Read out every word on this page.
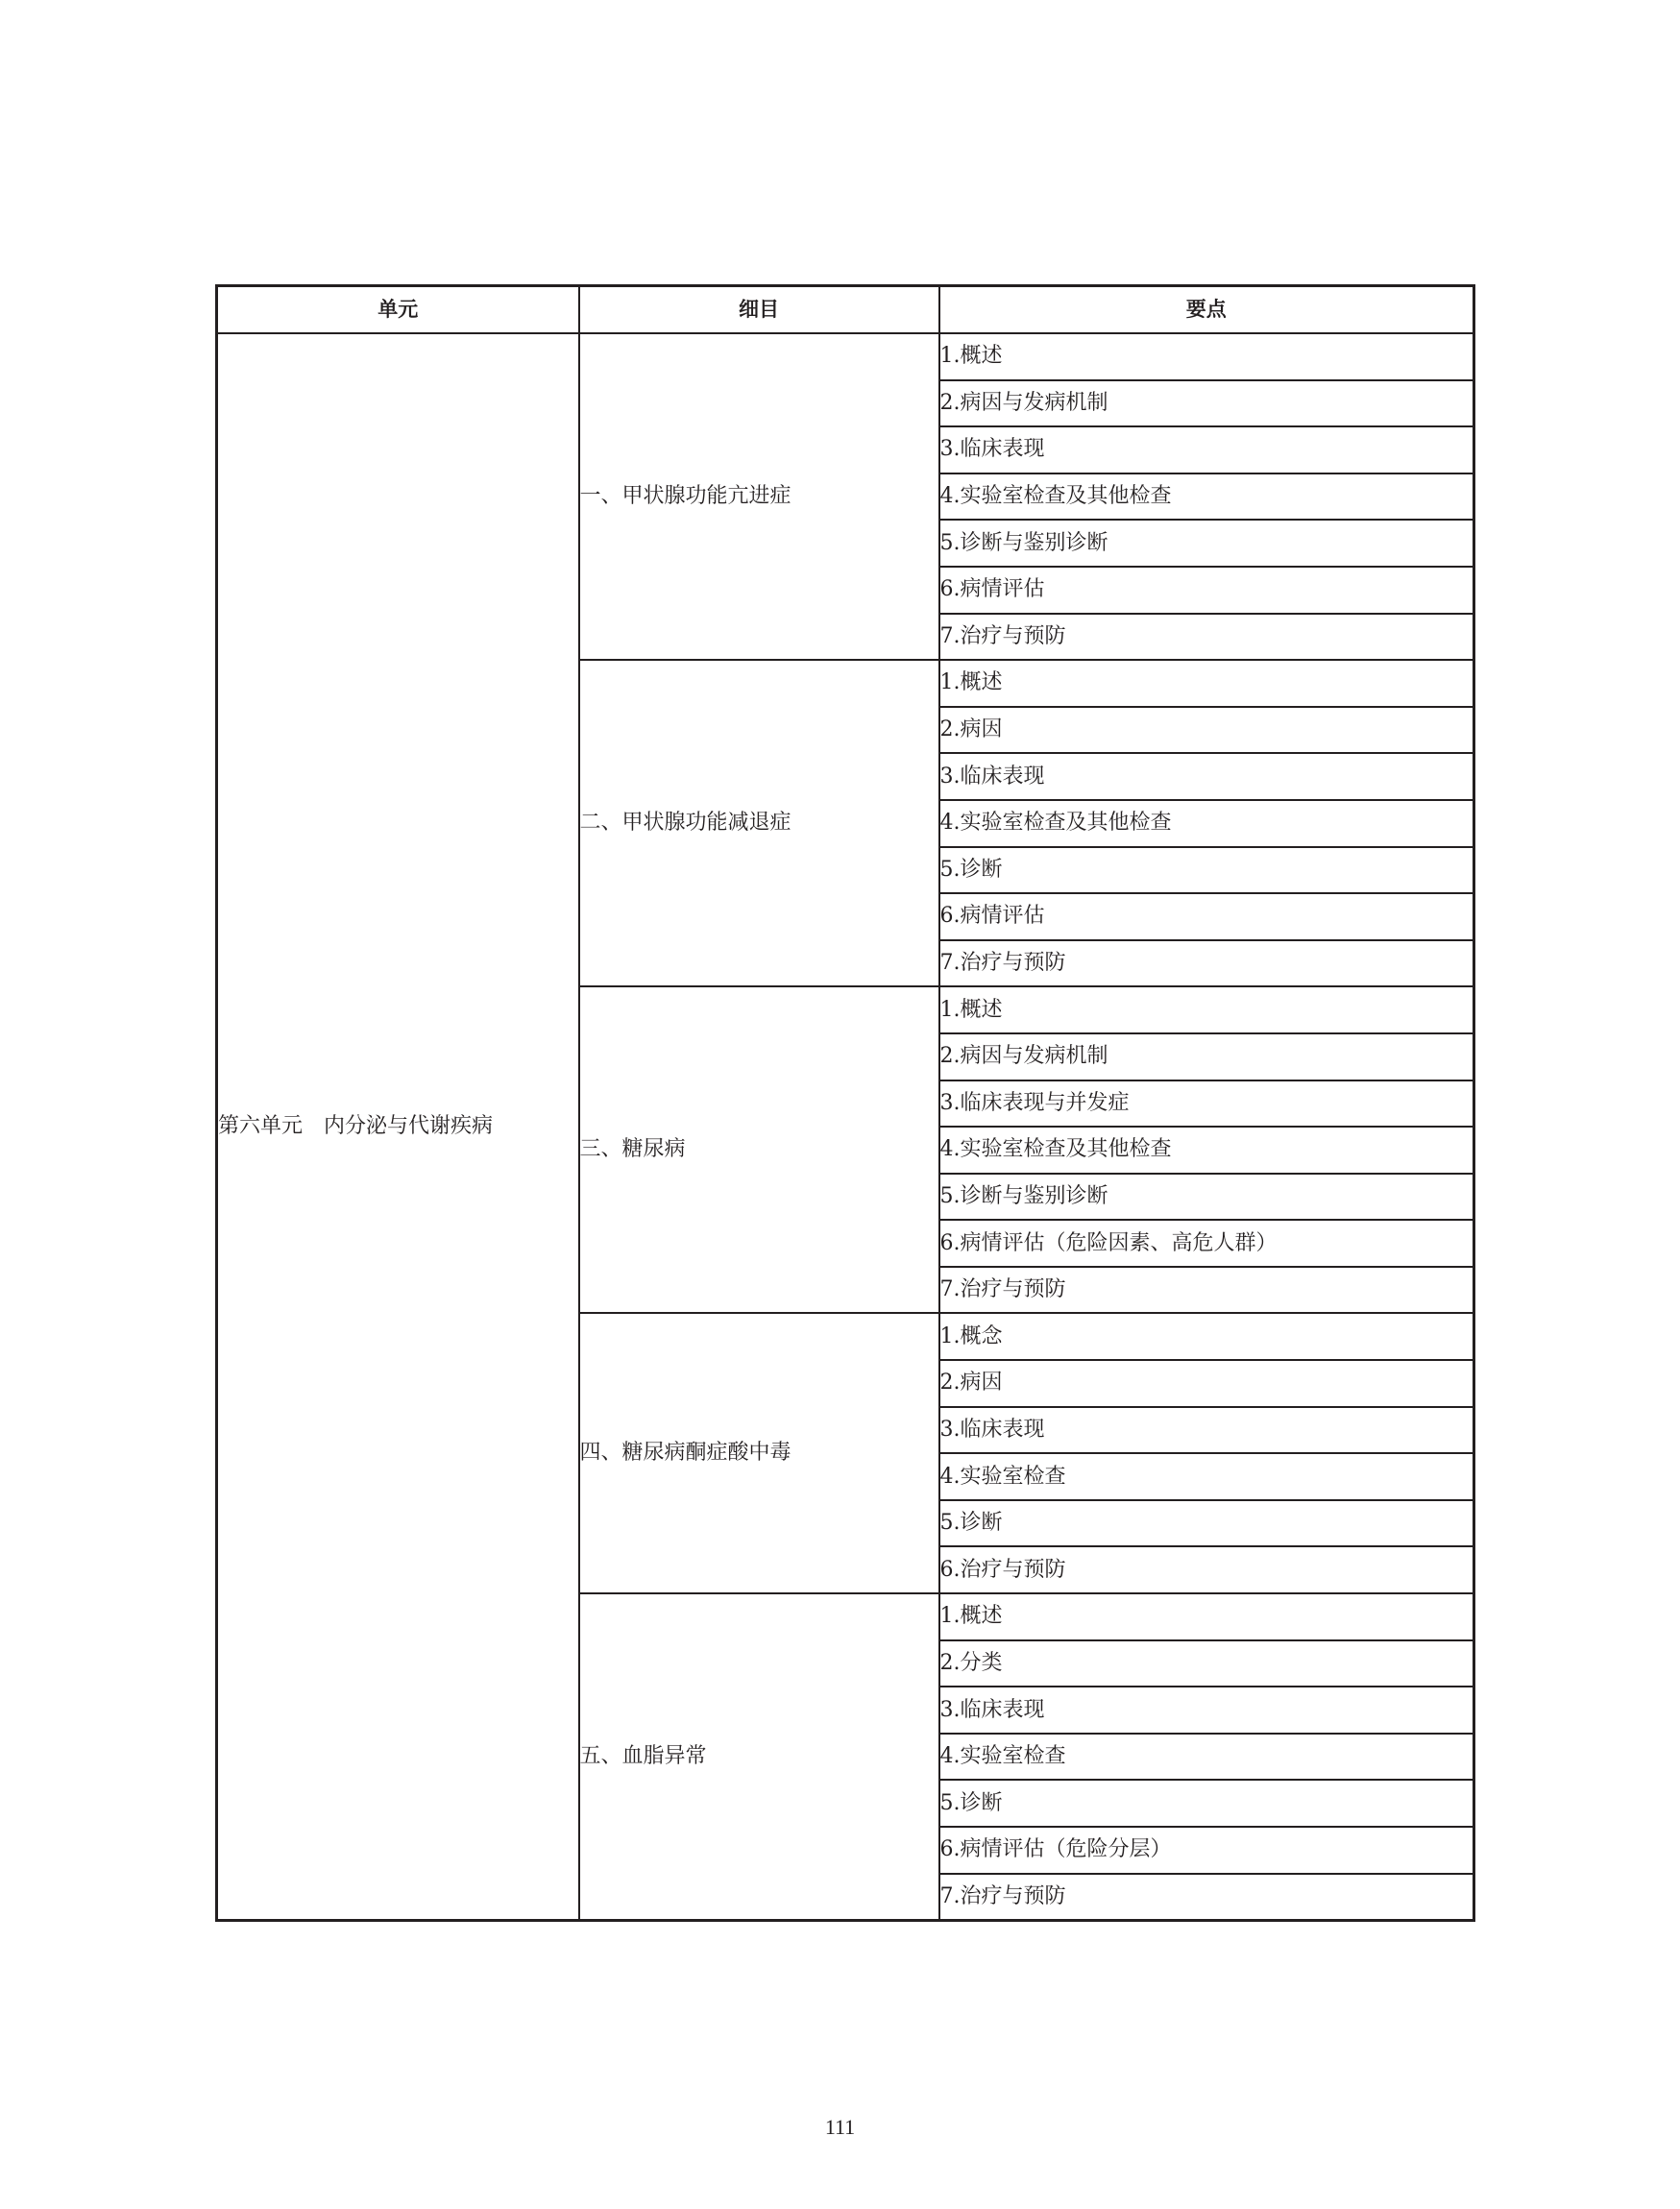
单元	细目	要点
第六单元　内分泌与代谢疾病	一、甲状腺功能亢进症	1.概述
		2.病因与发病机制
		3.临床表现
		4.实验室检查及其他检查
		5.诊断与鉴别诊断
		6.病情评估
		7.治疗与预防
	二、甲状腺功能减退症	1.概述
		2.病因
		3.临床表现
		4.实验室检查及其他检查
		5.诊断
		6.病情评估
		7.治疗与预防
	三、糖尿病	1.概述
		2.病因与发病机制
		3.临床表现与并发症
		4.实验室检查及其他检查
		5.诊断与鉴别诊断
		6.病情评估（危险因素、高危人群）
		7.治疗与预防
	四、糖尿病酮症酸中毒	1.概念
		2.病因
		3.临床表现
		4.实验室检查
		5.诊断
		6.治疗与预防
	五、血脂异常	1.概述
		2.分类
		3.临床表现
		4.实验室检查
		5.诊断
		6.病情评估（危险分层）
		7.治疗与预防
111
